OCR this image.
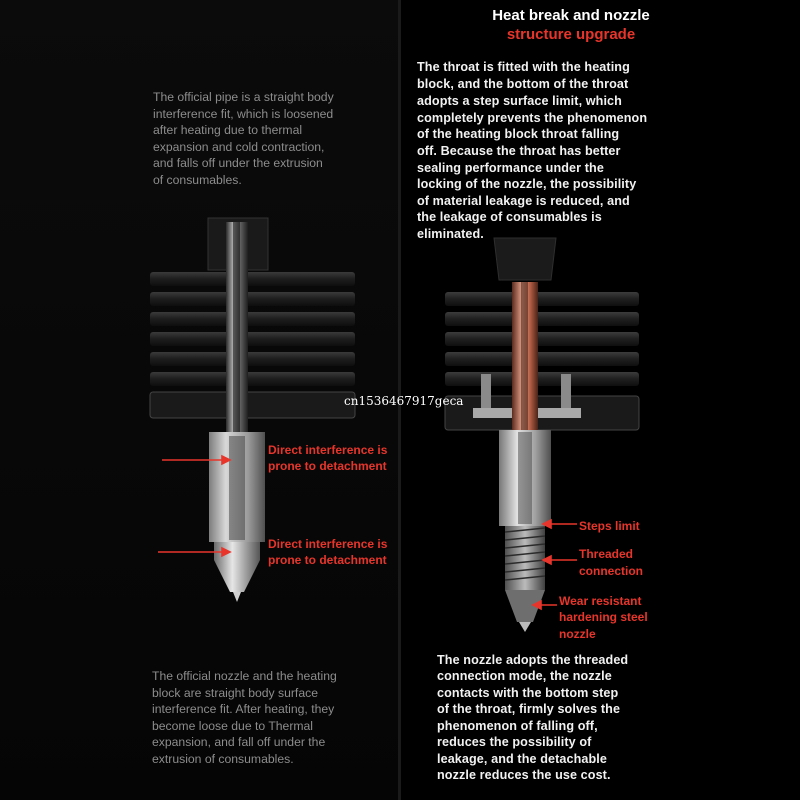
The official pipe is a straight body

interference fit, which is loosened

after heating due to thermal

expansion and cold contraction,

and falls off under the extrusion

of consumables.

Direct interference is

prone to detachment

Direct interference is

prone to detachment

The official nozzle and the heating

block are straight body surface

interference fit. After heating, they

become loose due to Thermal

expansion, and fall off under the

extrusion of consumables.

Heat break and nozzle

structure upgrade

The throat is fitted with the heating

block, and the bottom of the throat

adopts a step surface limit, which

completely prevents the phenomenon

of the heating block throat falling

off. Because the throat has better

sealing performance under the

locking of the nozzle, the possibility

of material leakage is reduced, and

the leakage of consumables is

eliminated.

Steps limit

Threaded

connection

Wear resistant

hardening steel

nozzle

The nozzle adopts the threaded

connection mode, the nozzle

contacts with the bottom step

of the throat, firmly solves the

phenomenon of falling off,

reduces the possibility of

leakage, and the detachable

nozzle reduces the use cost.

cn1536467917geca
